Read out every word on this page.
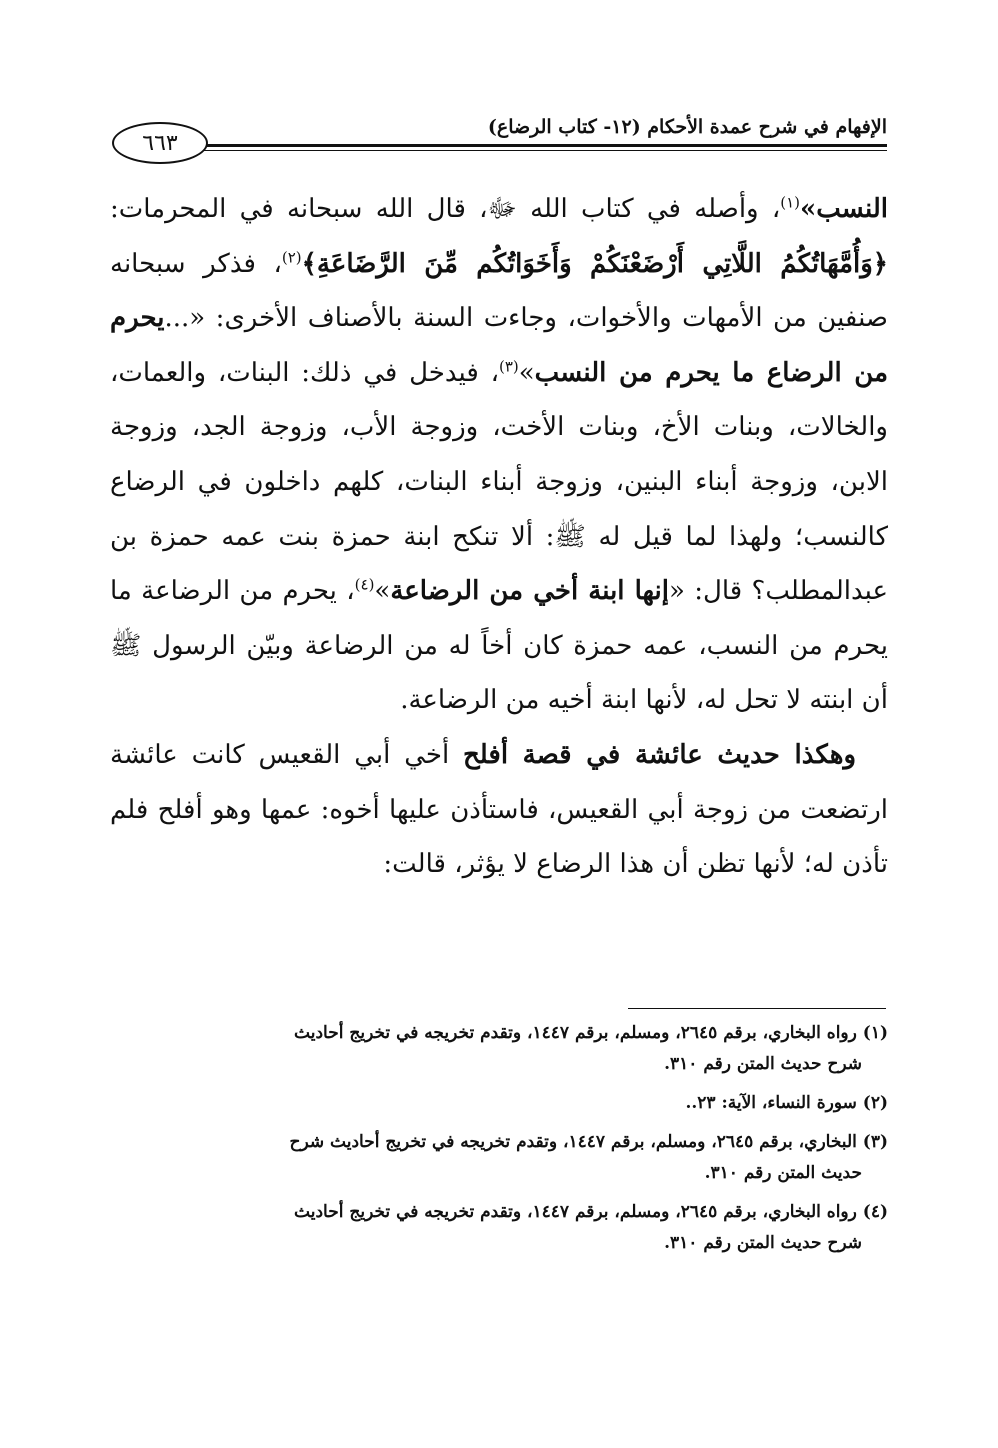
الإفهام في شرح عمدة الأحكام (١٢- كتاب الرضاع)
٦٦٣

النسب»$^{(١)}$، وأصله في كتاب الله ﷻ، قال الله سبحانه في المحرمات: ﴿وَأُمَّهَاتُكُمُ اللَّاتِي أَرْضَعْنَكُمْ وَأَخَوَاتُكُم مِّنَ الرَّضَاعَةِ﴾$^{(٢)}$، فذكر سبحانه صنفين من الأمهات والأخوات، وجاءت السنة بالأصناف الأخرى: «...يحرم من الرضاع ما يحرم من النسب»$^{(٣)}$، فيدخل في ذلك: البنات، والعمات، والخالات، وبنات الأخ، وبنات الأخت، وزوجة الأب، وزوجة الجد، وزوجة الابن، وزوجة أبناء البنين، وزوجة أبناء البنات، كلهم داخلون في الرضاع كالنسب؛ ولهذا لما قيل له ﷺ: ألا تنكح ابنة حمزة بنت عمه حمزة بن عبدالمطلب؟ قال: «إنها ابنة أخي من الرضاعة»$^{(٤)}$، يحرم من الرضاعة ما يحرم من النسب، عمه حمزة كان أخاً له من الرضاعة وبيّن الرسول ﷺ أن ابنته لا تحل له، لأنها ابنة أخيه من الرضاعة.

وهكذا حديث عائشة في قصة أفلح أخي أبي القعيس كانت عائشة ارتضعت من زوجة أبي القعيس، فاستأذن عليها أخوه: عمها وهو أفلح فلم تأذن له؛ لأنها تظن أن هذا الرضاع لا يؤثر، قالت:

(١) رواه البخاري، برقم ٢٦٤٥، ومسلم، برقم ١٤٤٧، وتقدم تخريجه في تخريج أحاديث
شرح حديث المتن رقم ٣١٠.

(٢) سورة النساء، الآية: ٢٣..

(٣) البخاري، برقم ٢٦٤٥، ومسلم، برقم ١٤٤٧، وتقدم تخريجه في تخريج أحاديث شرح
حديث المتن رقم ٣١٠.

(٤) رواه البخاري، برقم ٢٦٤٥، ومسلم، برقم ١٤٤٧، وتقدم تخريجه في تخريج أحاديث
شرح حديث المتن رقم ٣١٠.
